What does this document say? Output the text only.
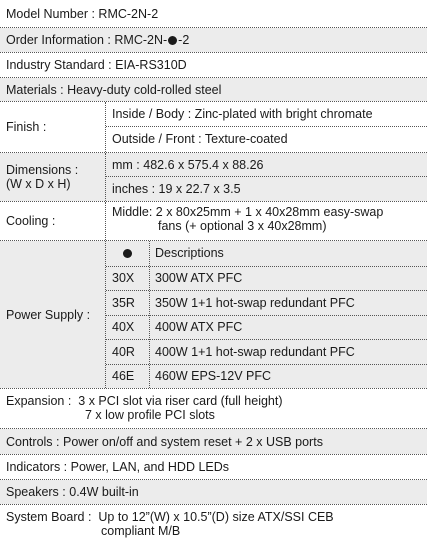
Model Number :
RMC-2N-2
Order Information :
RMC-2N- -2
Industry Standard :
EIA-RS310D
Materials :
Heavy-duty cold-rolled steel
Finish :
Inside / Body : Zinc-plated with bright chromate
Outside / Front : Texture-coated
Dimensions :
(W x D x H)
mm : 482.6 x 575.4 x 88.26
inches : 19 x 22.7 x 3.5
Cooling :
Middle: 2 x 80x25mm + 1 x 40x28mm easy-swap
fans (+ optional 3 x 40x28mm)
Power Supply :
Descriptions
30X 300W ATX PFC
35R 350W 1+1 hot-swap redundant PFC
40X 400W ATX PFC
40R 400W 1+1 hot-swap redundant PFC
46E 460W EPS-12V PFC
Expansion : 3 x PCI slot via riser card (full height)
7 x low profile PCI slots
Controls :
Power on/off and system reset + 2 x USB ports
Indicators :
Power, LAN, and HDD LEDs
Speakers :
0.4W built-in
System Board : Up to 12”(W) x 10.5”(D) size ATX/SSI CEB
compliant M/B
